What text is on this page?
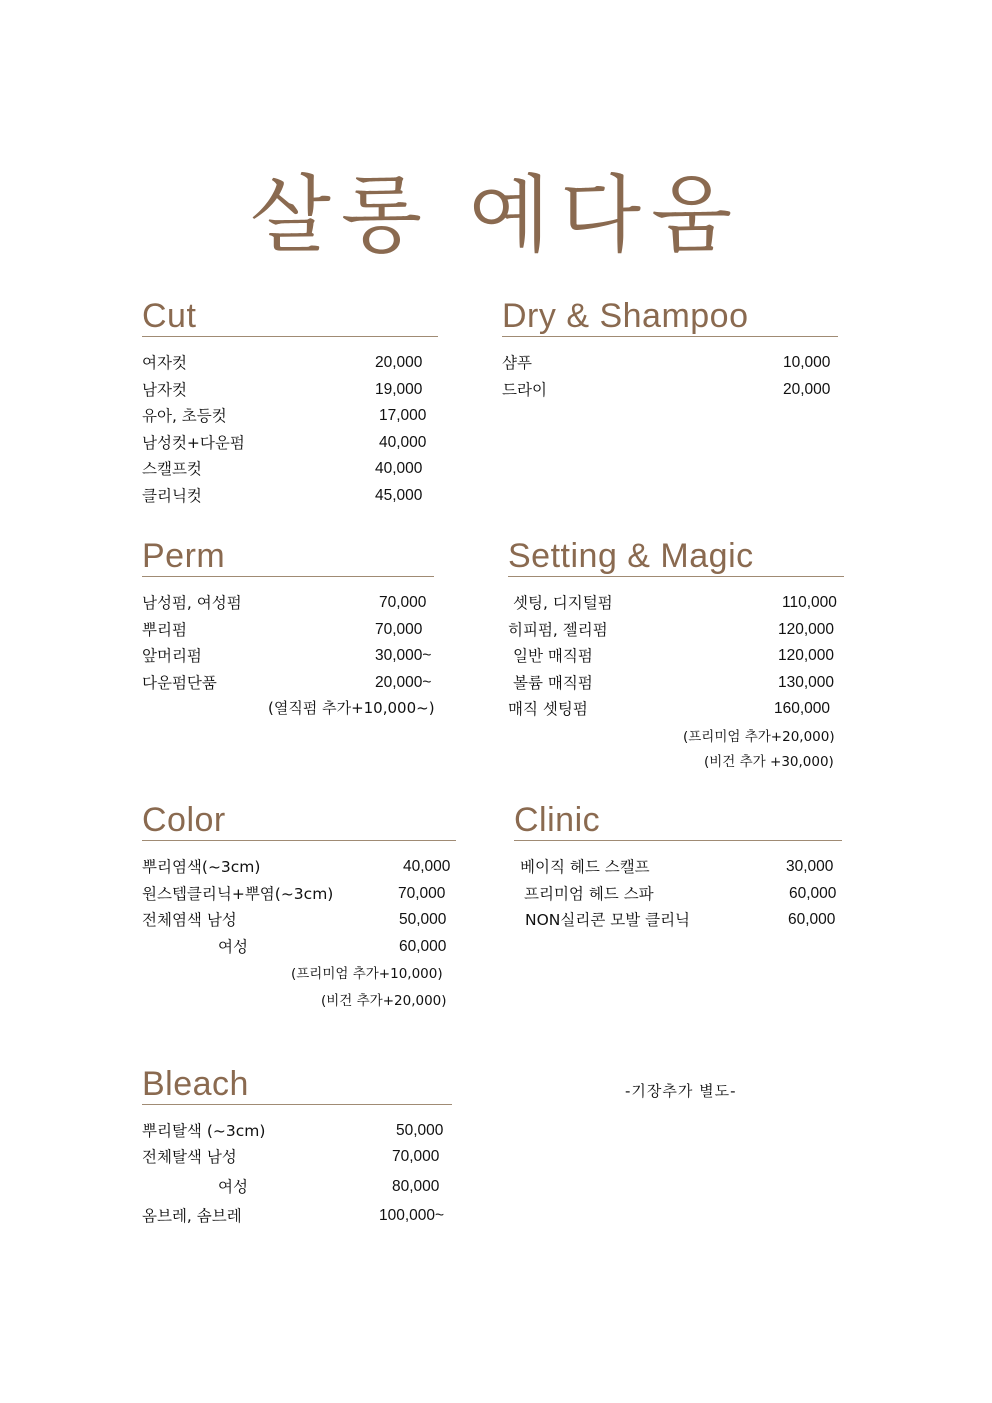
살롱 예다움
Cut
여자컷	20,000
남자컷	19,000
유아, 초등컷	17,000
남성컷+다운펌	40,000
스캘프컷	40,000
클리닉컷	45,000
Dry & Shampoo
샴푸	10,000
드라이	20,000
Perm
남성펌, 여성펌	70,000
뿌리펌	70,000
앞머리펌	30,000~
다운펌단품	20,000~
(열직펌 추가+10,000~)
Setting & Magic
셋팅, 디지털펌	110,000
히피펌, 젤리펌	120,000
일반 매직펌	120,000
볼륨 매직펌	130,000
매직 셋팅펌	160,000
(프리미엄 추가+20,000)
(비건 추가 +30,000)
Color
뿌리염색(~3cm)	40,000
원스텝클리닉+뿌염(~3cm)	70,000
전체염색 남성	50,000
여성	60,000
(프리미엄 추가+10,000)
(비건 추가+20,000)
Clinic
베이직 헤드 스캘프	30,000
프리미엄 헤드 스파	60,000
NON실리콘 모발 클리닉	60,000
Bleach
뿌리탈색 (~3cm)	50,000
전체탈색 남성	70,000
여성	80,000
옴브레, 솜브레	100,000~
-기장추가 별도-
